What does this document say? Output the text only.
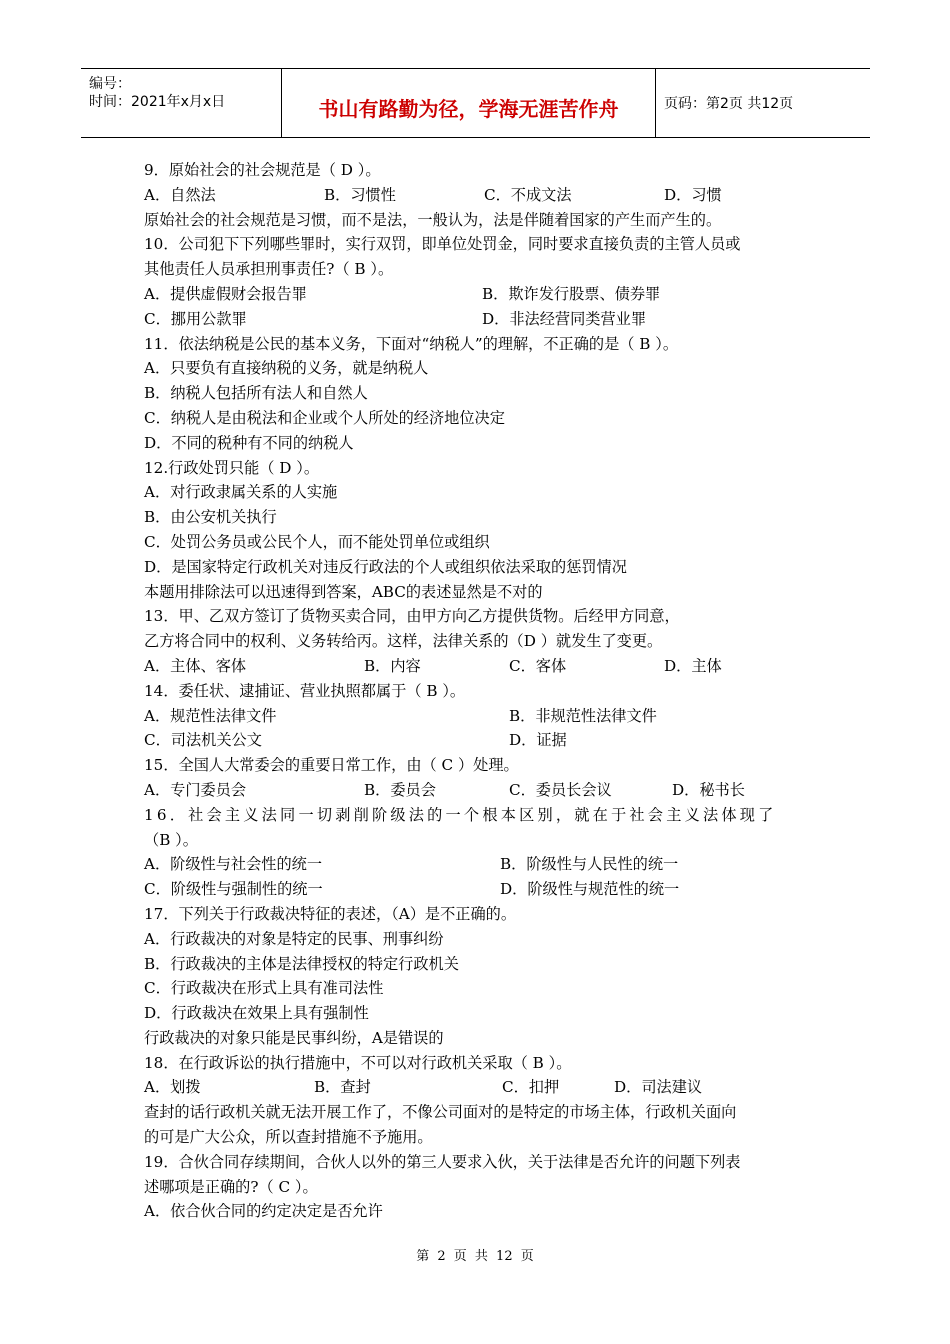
编号：
时间：2021年x月x日	书山有路勤为径，学海无涯苦作舟	页码：第2页 共12页
9．原始社会的社会规范是（ D ）。
A．自然法	B．习惯性	C．不成文法	D．习惯
原始社会的社会规范是习惯，而不是法，一般认为，法是伴随着国家的产生而产生的。
10．公司犯下下列哪些罪时，实行双罚，即单位处罚金，同时要求直接负责的主管人员或
其他责任人员承担刑事责任?（ B ）。
A．提供虚假财会报告罪	B．欺诈发行股票、债券罪
C．挪用公款罪	D．非法经营同类营业罪
11．依法纳税是公民的基本义务，下面对“纳税人”的理解，不正确的是（ B ）。
A．只要负有直接纳税的义务，就是纳税人
B．纳税人包括所有法人和自然人
C．纳税人是由税法和企业或个人所处的经济地位决定
D．不同的税种有不同的纳税人
12.行政处罚只能（ D ）。
A．对行政隶属关系的人实施
B．由公安机关执行
C．处罚公务员或公民个人，而不能处罚单位或组织
D．是国家特定行政机关对违反行政法的个人或组织依法采取的惩罚情况
本题用排除法可以迅速得到答案，ABC的表述显然是不对的
13．甲、乙双方签订了货物买卖合同，由甲方向乙方提供货物。后经甲方同意，
乙方将合同中的权利、义务转给丙。这样，法律关系的（D ）就发生了变更。
A．主体、客体	B．内容	C．客体	D．主体
14．委任状、逮捕证、营业执照都属于（ B ）。
A．规范性法律文件	B．非规范性法律文件
C．司法机关公文	D．证据
15．全国人大常委会的重要日常工作，由（ C ）处理。
A．专门委员会	B．委员会	C．委员长会议	D．秘书长
16．社会主义法同一切剥削阶级法的一个根本区别，就在于社会主义法体现了
（B ）。
A．阶级性与社会性的统一	B．阶级性与人民性的统一
C．阶级性与强制性的统一	D．阶级性与规范性的统一
17．下列关于行政裁决特征的表述，（A）是不正确的。
A．行政裁决的对象是特定的民事、刑事纠纷
B．行政裁决的主体是法律授权的特定行政机关
C．行政裁决在形式上具有准司法性
D．行政裁决在效果上具有强制性
行政裁决的对象只能是民事纠纷，A是错误的
18．在行政诉讼的执行措施中，不可以对行政机关采取（ B ）。
A．划拨	B．查封	C．扣押	D．司法建议
查封的话行政机关就无法开展工作了，不像公司面对的是特定的市场主体，行政机关面向
的可是广大公众，所以查封措施不予施用。
19．合伙合同存续期间，合伙人以外的第三人要求入伙，关于法律是否允许的问题下列表
述哪项是正确的?（ C ）。
A．依合伙合同的约定决定是否允许
第 2 页 共 12 页
